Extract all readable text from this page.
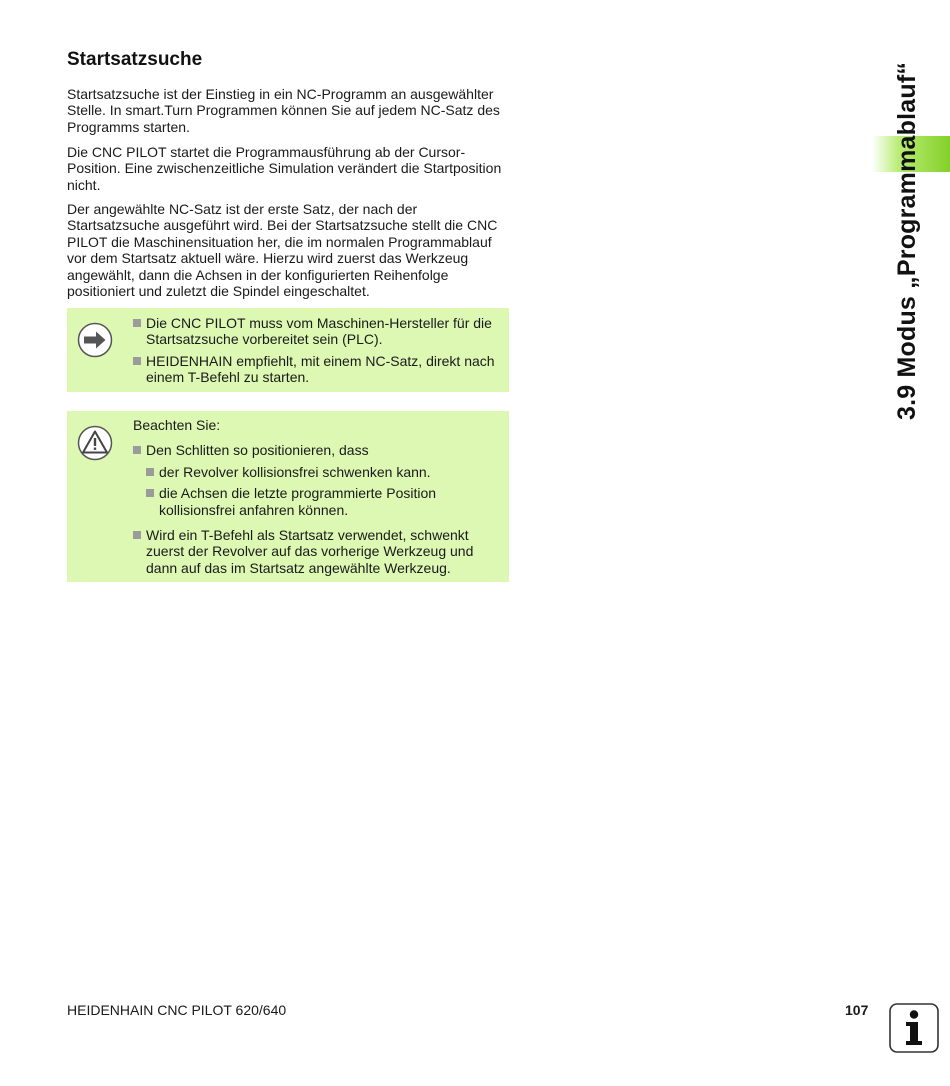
Startsatzsuche

Startsatzsuche ist der Einstieg in ein NC-Programm an ausgewählter Stelle. In smart.Turn Programmen können Sie auf jedem NC-Satz des Programms starten.

Die CNC PILOT startet die Programmausführung ab der Cursor-Position. Eine zwischenzeitliche Simulation verändert die Startposition nicht.

Der angewählte NC-Satz ist der erste Satz, der nach der Startsatzsuche ausgeführt wird. Bei der Startsatzsuche stellt die CNC PILOT die Maschinensituation her, die im normalen Programmablauf vor dem Startsatz aktuell wäre. Hierzu wird zuerst das Werkzeug angewählt, dann die Achsen in der konfigurierten Reihenfolge positioniert und zuletzt die Spindel eingeschaltet.

Die CNC PILOT muss vom Maschinen-Hersteller für die Startsatzsuche vorbereitet sein (PLC).
HEIDENHAIN empfiehlt, mit einem NC-Satz, direkt nach einem T-Befehl zu starten.

Beachten Sie:

Den Schlitten so positionieren, dass
der Revolver kollisionsfrei schwenken kann.
die Achsen die letzte programmierte Position kollisionsfrei anfahren können.
Wird ein T-Befehl als Startsatz verwendet, schwenkt zuerst der Revolver auf das vorherige Werkzeug und dann auf das im Startsatz angewählte Werkzeug.
3.9 Modus „Programmablauf“
HEIDENHAIN CNC PILOT 620/640	107
